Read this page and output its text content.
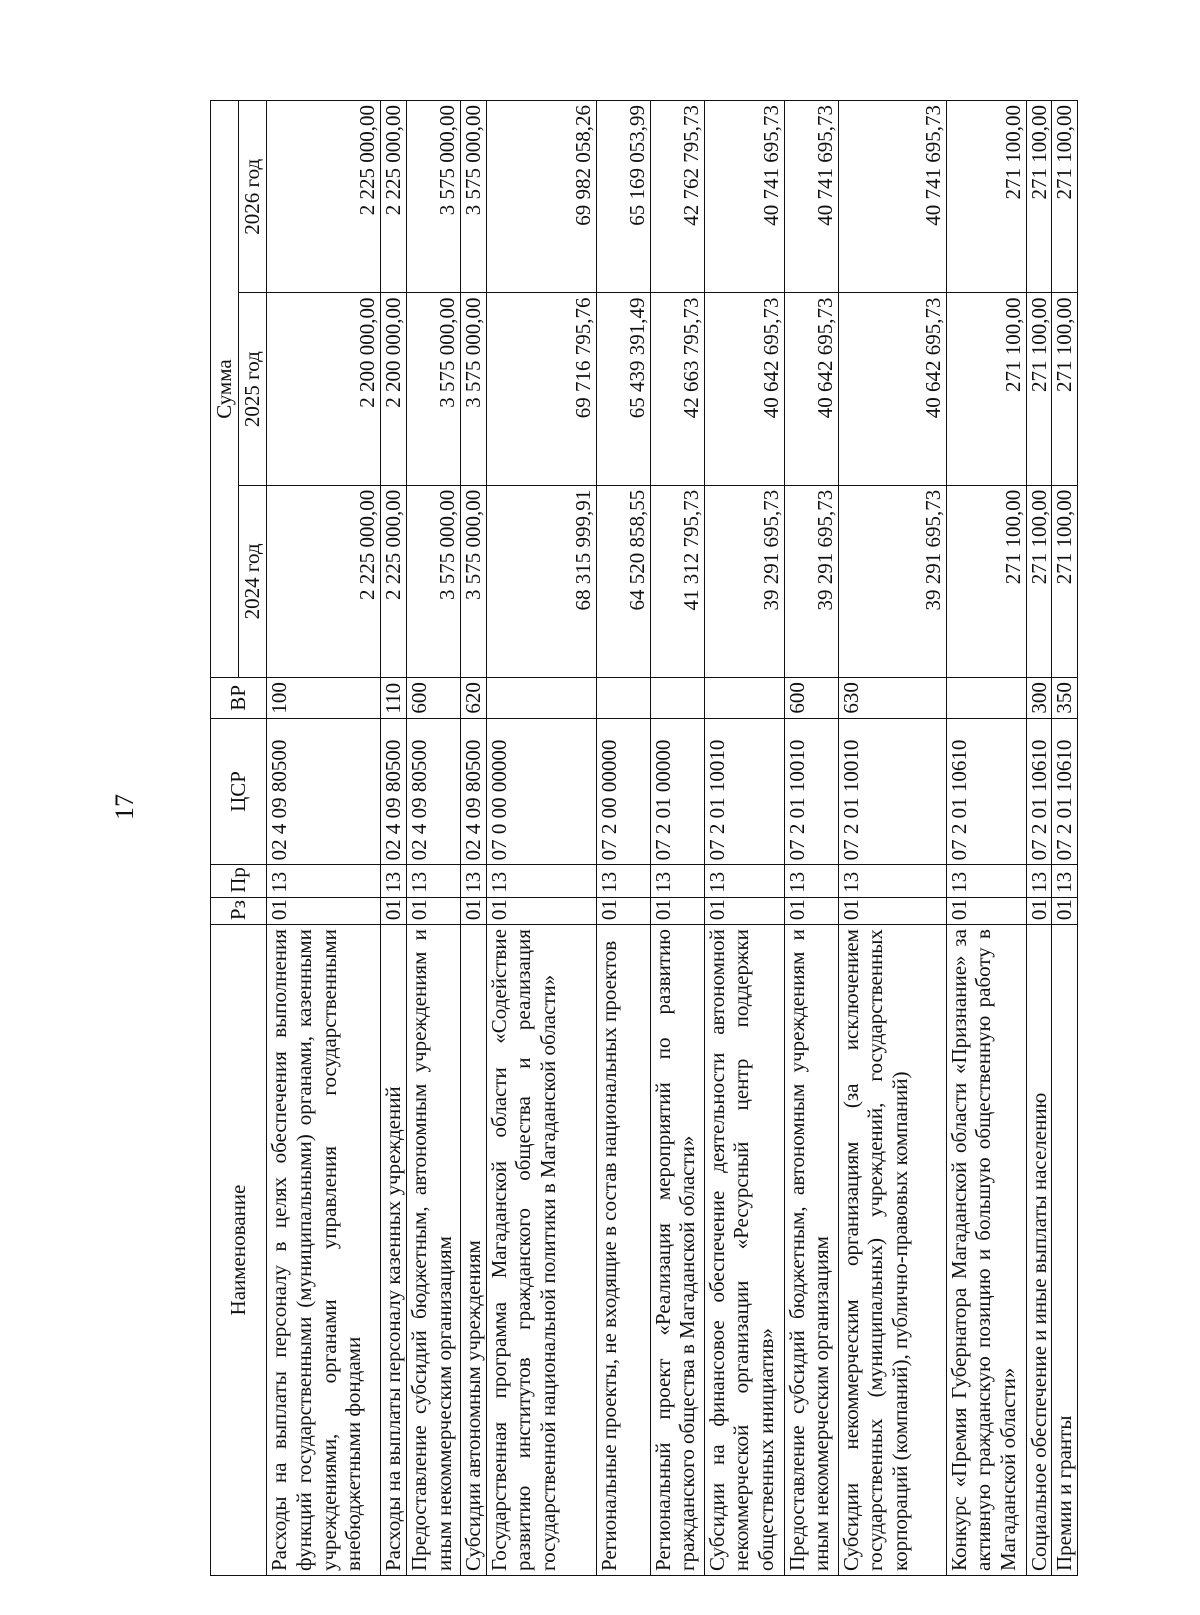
17
Наименование	Рз	Пр	ЦСР	ВР	Сумма		
					2024 год	2025 год	2026 год
Расходы на выплаты персоналу в целях обеспечения выполнения функций государственными (муниципальными) органами, казенными учреждениями, органами управления государственными внебюджетными фондами	01	13	02 4 09 80500	100	2 225 000,00	2 200 000,00	2 225 000,00
Расходы на выплаты персоналу казенных учреждений	01	13	02 4 09 80500	110	2 225 000,00	2 200 000,00	2 225 000,00
Предоставление субсидий бюджетным, автономным учреждениям и иным некоммерческим организациям	01	13	02 4 09 80500	600	3 575 000,00	3 575 000,00	3 575 000,00
Субсидии автономным учреждениям	01	13	02 4 09 80500	620	3 575 000,00	3 575 000,00	3 575 000,00
Государственная программа Магаданской области «Содействие развитию институтов гражданского общества и реализация государственной национальной политики в Магаданской области»	01	13	07 0 00 00000		68 315 999,91	69 716 795,76	69 982 058,26
Региональные проекты, не входящие в состав национальных проектов	01	13	07 2 00 00000		64 520 858,55	65 439 391,49	65 169 053,99
Региональный проект «Реализация мероприятий по развитию гражданского общества в Магаданской области»	01	13	07 2 01 00000		41 312 795,73	42 663 795,73	42 762 795,73
Субсидии на финансовое обеспечение деятельности автономной некоммерческой организации «Ресурсный центр поддержки общественных инициатив»	01	13	07 2 01 10010		39 291 695,73	40 642 695,73	40 741 695,73
Предоставление субсидий бюджетным, автономным учреждениям и иным некоммерческим организациям	01	13	07 2 01 10010	600	39 291 695,73	40 642 695,73	40 741 695,73
Субсидии некоммерческим организациям (за исключением государственных (муниципальных) учреждений, государственных корпораций (компаний), публично-правовых компаний)	01	13	07 2 01 10010	630	39 291 695,73	40 642 695,73	40 741 695,73
Конкурс «Премия Губернатора Магаданской области «Признание» за активную гражданскую позицию и большую общественную работу в Магаданской области»	01	13	07 2 01 10610		271 100,00	271 100,00	271 100,00
Социальное обеспечение и иные выплаты населению	01	13	07 2 01 10610	300	271 100,00	271 100,00	271 100,00
Премии и гранты	01	13	07 2 01 10610	350	271 100,00	271 100,00	271 100,00
